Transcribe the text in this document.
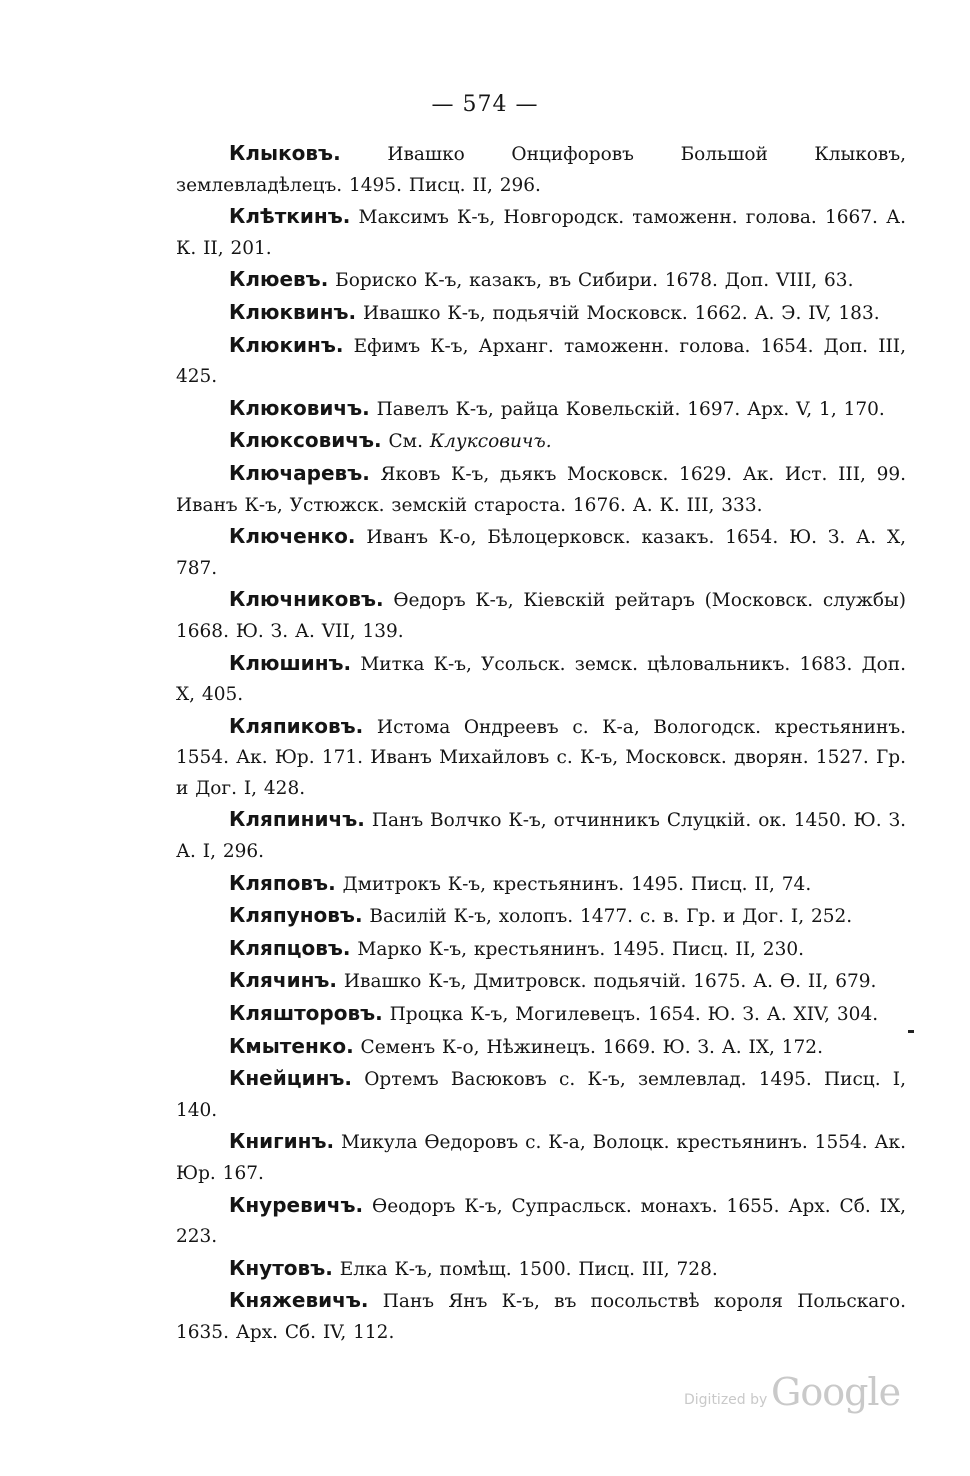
— 574 —

Клыковъ. Ивашко Онцифоровъ Большой Клыковъ, землевладѣлецъ. 1495. Писц. II, 296.

Клѣткинъ. Максимъ К-ъ, Новгородск. таможенн. голова. 1667. А. К. II, 201.

Клюевъ. Бориско К-ъ, казакъ, въ Сибири. 1678. Доп. VIII, 63.

Клюквинъ. Ивашко К-ъ, подьячій Московск. 1662. А. Э. IV, 183.

Клюкинъ. Ефимъ К-ъ, Арханг. таможенн. голова. 1654. Доп. III, 425.

Клюковичъ. Павелъ К-ъ, райца Ковельскій. 1697. Арх. V, 1, 170.

Клюксовичъ. См. Клуксовичъ.

Ключаревъ. Яковъ К-ъ, дьякъ Московск. 1629. Ак. Ист. III, 99. Иванъ К-ъ, Устюжск. земскій староста. 1676. А. К. III, 333.

Ключенко. Иванъ К-о, Бѣлоцерковск. казакъ. 1654. Ю. З. А. X, 787.

Ключниковъ. Ѳедоръ К-ъ, Кіевскій рейтаръ (Московск. службы) 1668. Ю. З. А. VII, 139.

Клюшинъ. Митка К-ъ, Усольск. земск. цѣловальникъ. 1683. Доп. X, 405.

Кляпиковъ. Истома Ондреевъ с. К-а, Вологодск. крестьянинъ. 1554. Ак. Юр. 171. Иванъ Михайловъ с. К-ъ, Московск. дворян. 1527. Гр. и Дог. I, 428.

Кляпиничъ. Панъ Волчко К-ъ, отчинникъ Слуцкій. ок. 1450. Ю. З. А. I, 296.

Кляповъ. Дмитрокъ К-ъ, крестьянинъ. 1495. Писц. II, 74.

Кляпуновъ. Василій К-ъ, холопъ. 1477. с. в. Гр. и Дог. I, 252.

Кляпцовъ. Марко К-ъ, крестьянинъ. 1495. Писц. II, 230.

Клячинъ. Ивашко К-ъ, Дмитровск. подьячій. 1675. А. Ѳ. II, 679.

Кляшторовъ. Процка К-ъ, Могилевецъ. 1654. Ю. З. А. XIV, 304.

Кмытенко. Семенъ К-о, Нѣжинецъ. 1669. Ю. З. А. IX, 172.

Кнейцинъ. Ортемъ Васюковъ с. К-ъ, землевлад. 1495. Писц. I, 140.

Книгинъ. Микула Ѳедоровъ с. К-а, Волоцк. крестьянинъ. 1554. Ак. Юр. 167.

Кнуревичъ. Ѳеодоръ К-ъ, Супрасльск. монахъ. 1655. Арх. Сб. IX, 223.

Кнутовъ. Елка К-ъ, помѣщ. 1500. Писц. III, 728.

Княжевичъ. Панъ Янъ К-ъ, въ посольствѣ короля Польскаго. 1635. Арх. Сб. IV, 112.

Digitized by Google
